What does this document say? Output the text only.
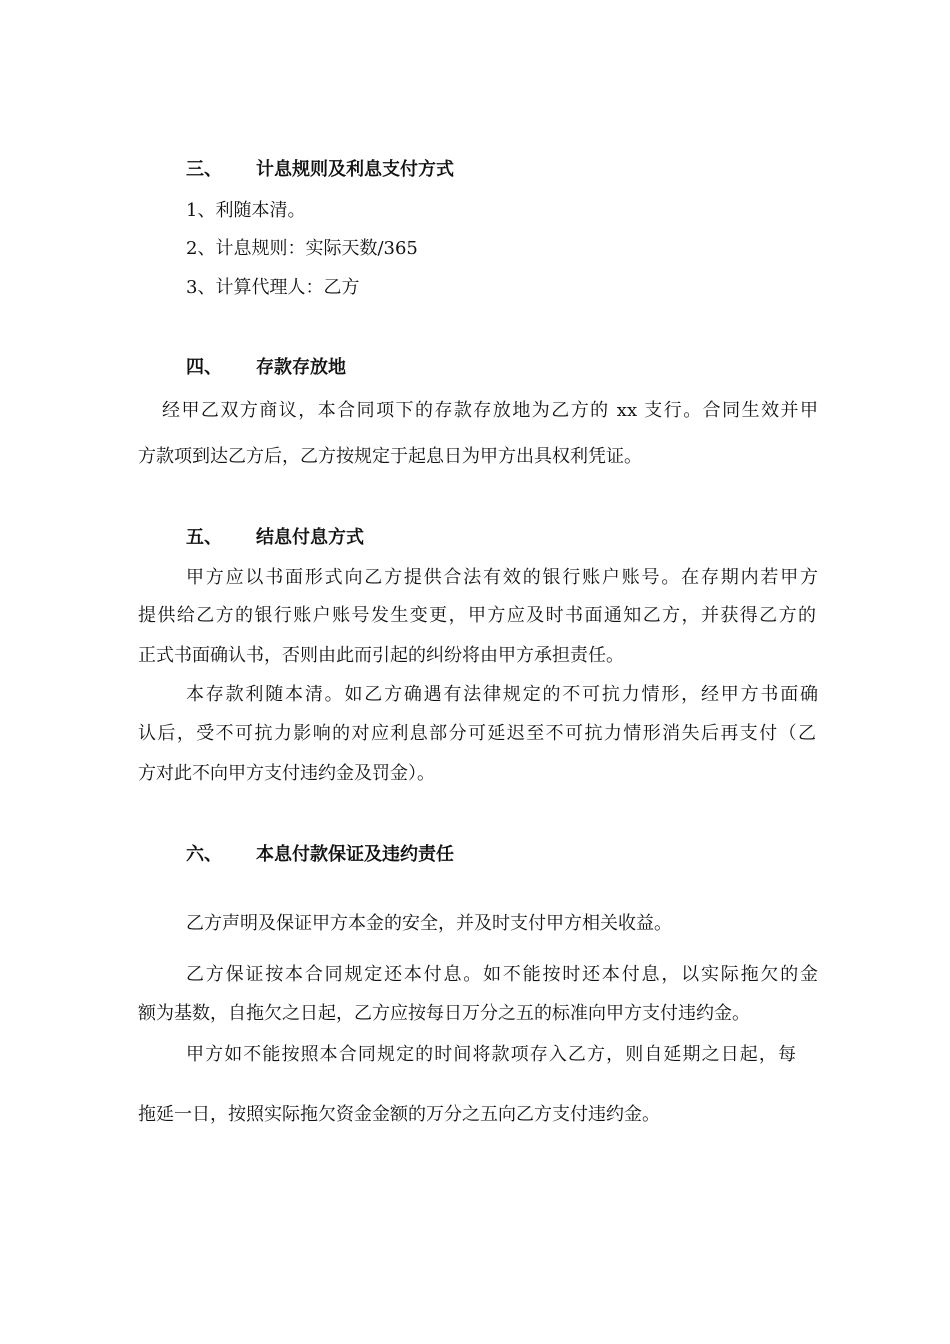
三、 计息规则及利息支付方式
1、利随本清。
2、计息规则：实际天数/365
3、计算代理人：乙方
四、 存款存放地
经甲乙双方商议，本合同项下的存款存放地为乙方的 xx 支行。合同生效并甲
方款项到达乙方后，乙方按规定于起息日为甲方出具权利凭证。
五、 结息付息方式
甲方应以书面形式向乙方提供合法有效的银行账户账号。在存期内若甲方
提供给乙方的银行账户账号发生变更，甲方应及时书面通知乙方，并获得乙方的
正式书面确认书，否则由此而引起的纠纷将由甲方承担责任。
本存款利随本清。如乙方确遇有法律规定的不可抗力情形，经甲方书面确
认后，受不可抗力影响的对应利息部分可延迟至不可抗力情形消失后再支付（乙
方对此不向甲方支付违约金及罚金）。
六、 本息付款保证及违约责任
乙方声明及保证甲方本金的安全，并及时支付甲方相关收益。
乙方保证按本合同规定还本付息。如不能按时还本付息，以实际拖欠的金
额为基数，自拖欠之日起，乙方应按每日万分之五的标准向甲方支付违约金。
甲方如不能按照本合同规定的时间将款项存入乙方，则自延期之日起，每
拖延一日，按照实际拖欠资金金额的万分之五向乙方支付违约金。
